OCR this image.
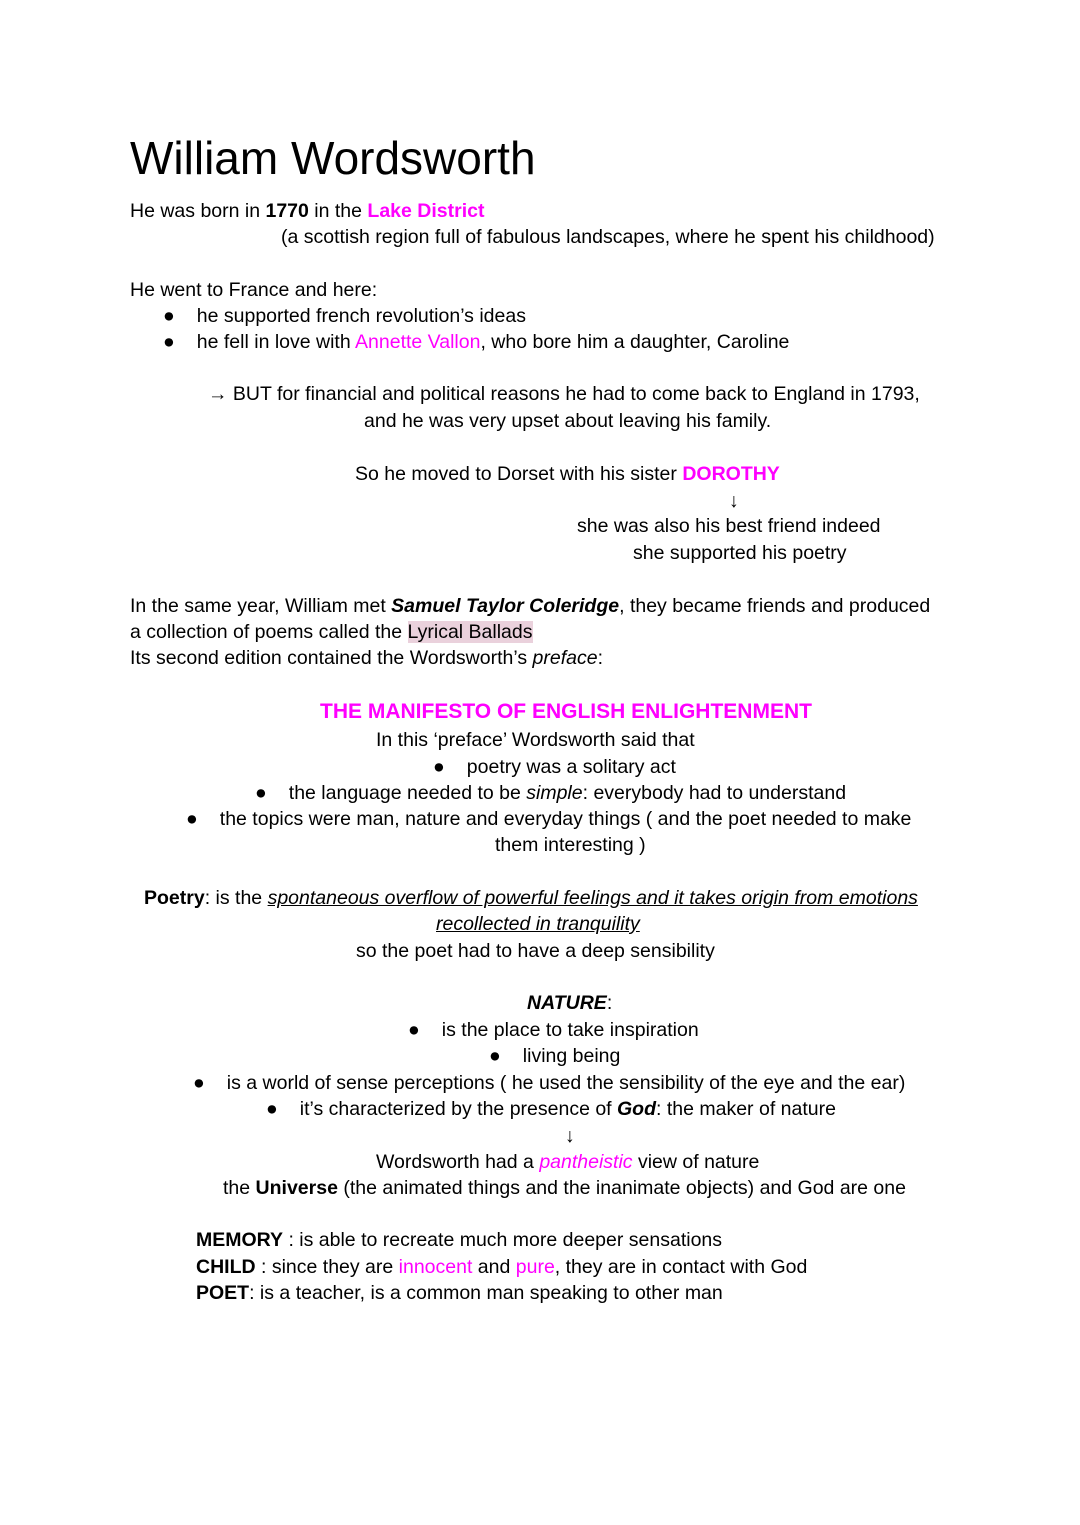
William Wordsworth
He was born in 1770 in the Lake District
(a scottish region full of fabulous landscapes, where he spent his childhood)
He went to France and here:
● he supported french revolution’s ideas
● he fell in love with Annette Vallon, who bore him a daughter, Caroline
→ BUT for financial and political reasons he had to come back to England in 1793,
and he was very upset about leaving his family.
So he moved to Dorset with his sister DOROTHY
↓
she was also his best friend indeed
she supported his poetry
In the same year, William met Samuel Taylor Coleridge, they became friends and produced
a collection of poems called the Lyrical Ballads
Its second edition contained the Wordsworth’s preface:
THE MANIFESTO OF ENGLISH ENLIGHTENMENT
In this ‘preface’ Wordsworth said that
● poetry was a solitary act
● the language needed to be simple: everybody had to understand
● the topics were man, nature and everyday things ( and the poet needed to make
them interesting )
Poetry: is the spontaneous overflow of powerful feelings and it takes origin from emotions
recollected in tranquility
so the poet had to have a deep sensibility
NATURE:
● is the place to take inspiration
● living being
● is a world of sense perceptions ( he used the sensibility of the eye and the ear)
● it’s characterized by the presence of God: the maker of nature
↓
Wordsworth had a pantheistic view of nature
the Universe (the animated things and the inanimate objects) and God are one
MEMORY : is able to recreate much more deeper sensations
CHILD : since they are innocent and pure, they are in contact with God
POET: is a teacher, is a common man speaking to other man
